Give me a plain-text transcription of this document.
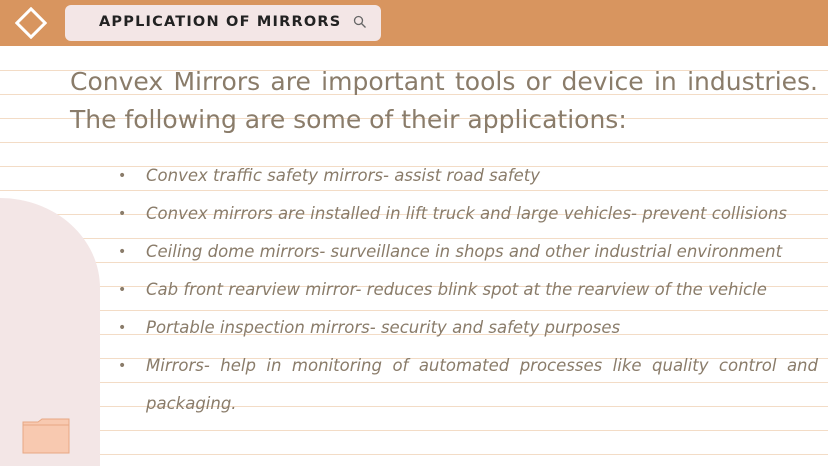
APPLICATION OF MIRRORS
Convex Mirrors are important tools or device in industries.
The following are some of their applications:
• Convex traffic safety mirrors- assist road safety
• Convex mirrors are installed in lift truck and large vehicles- prevent collisions
• Ceiling dome mirrors- surveillance in shops and other industrial environment
• Cab front rearview mirror- reduces blink spot at the rearview of the vehicle
• Portable inspection mirrors- security and safety purposes
• Mirrors- help in monitoring of automated processes like quality control and packaging.
